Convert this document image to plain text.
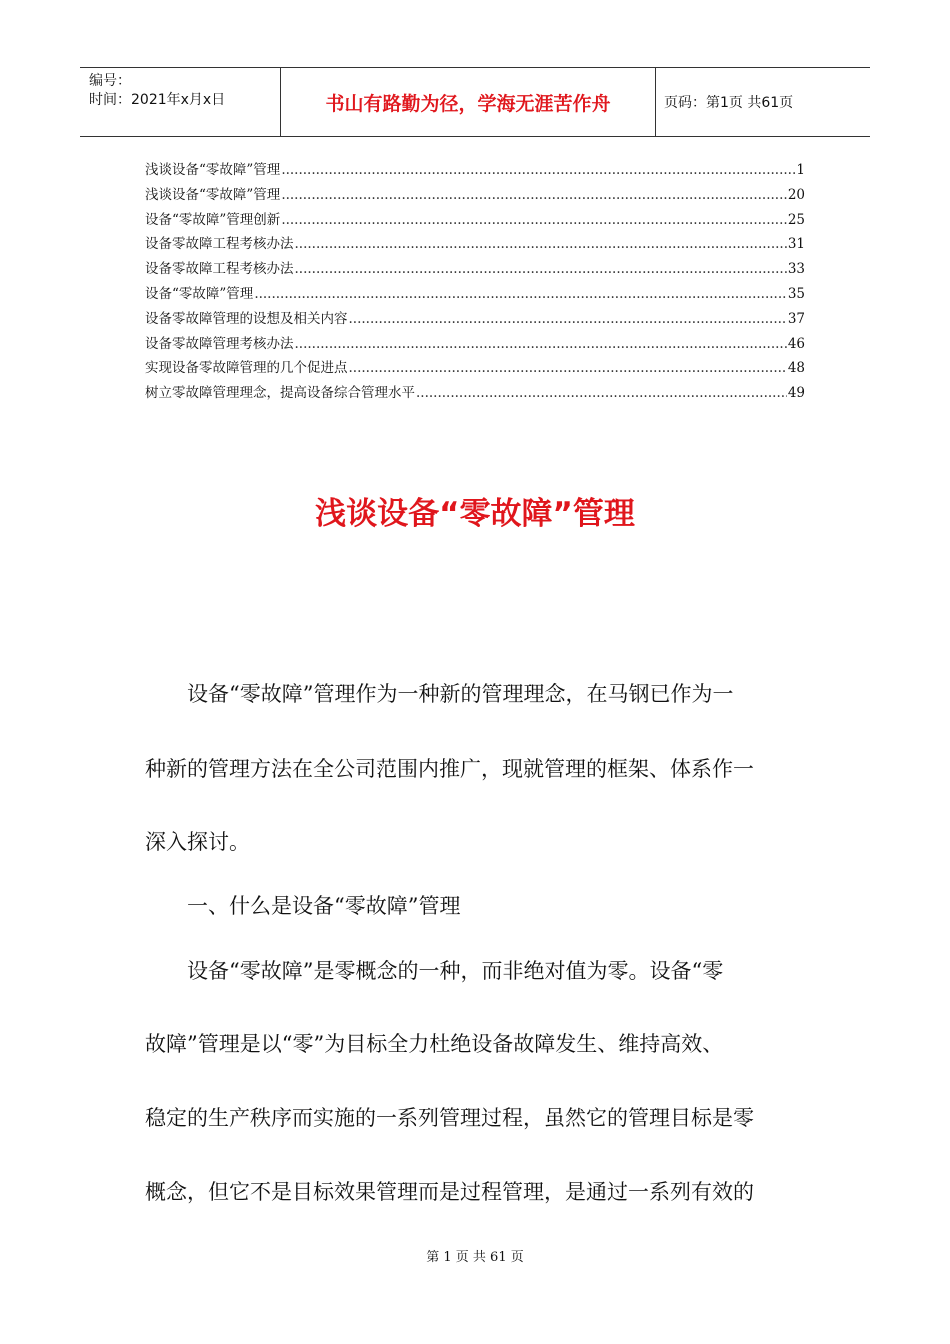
编号：
时间：2021年x月x日	书山有路勤为径，学海无涯苦作舟	页码：第1页 共61页
浅谈设备“零故障”管理 .....	1
浅谈设备“零故障”管理 .....	20
设备“零故障”管理创新 .....	25
设备零故障工程考核办法 .....	31
设备零故障工程考核办法 .....	33
设备“零故障”管理 .....	35
设备零故障管理的设想及相关内容 .....	37
设备零故障管理考核办法 .....	46
实现设备零故障管理的几个促进点 .....	48
树立零故障管理理念，提高设备综合管理水平 .....	49
浅谈设备“零故障”管理
　　设备“零故障”管理作为一种新的管理理念，在马钢已作为一
种新的管理方法在全公司范围内推广，现就管理的框架、体系作一
深入探讨。
　　一、什么是设备“零故障”管理
　　设备“零故障”是零概念的一种，而非绝对值为零。设备“零
故障”管理是以“零”为目标全力杜绝设备故障发生、维持高效、
稳定的生产秩序而实施的一系列管理过程，虽然它的管理目标是零
概念，但它不是目标效果管理而是过程管理，是通过一系列有效的
第 1 页 共 61 页
